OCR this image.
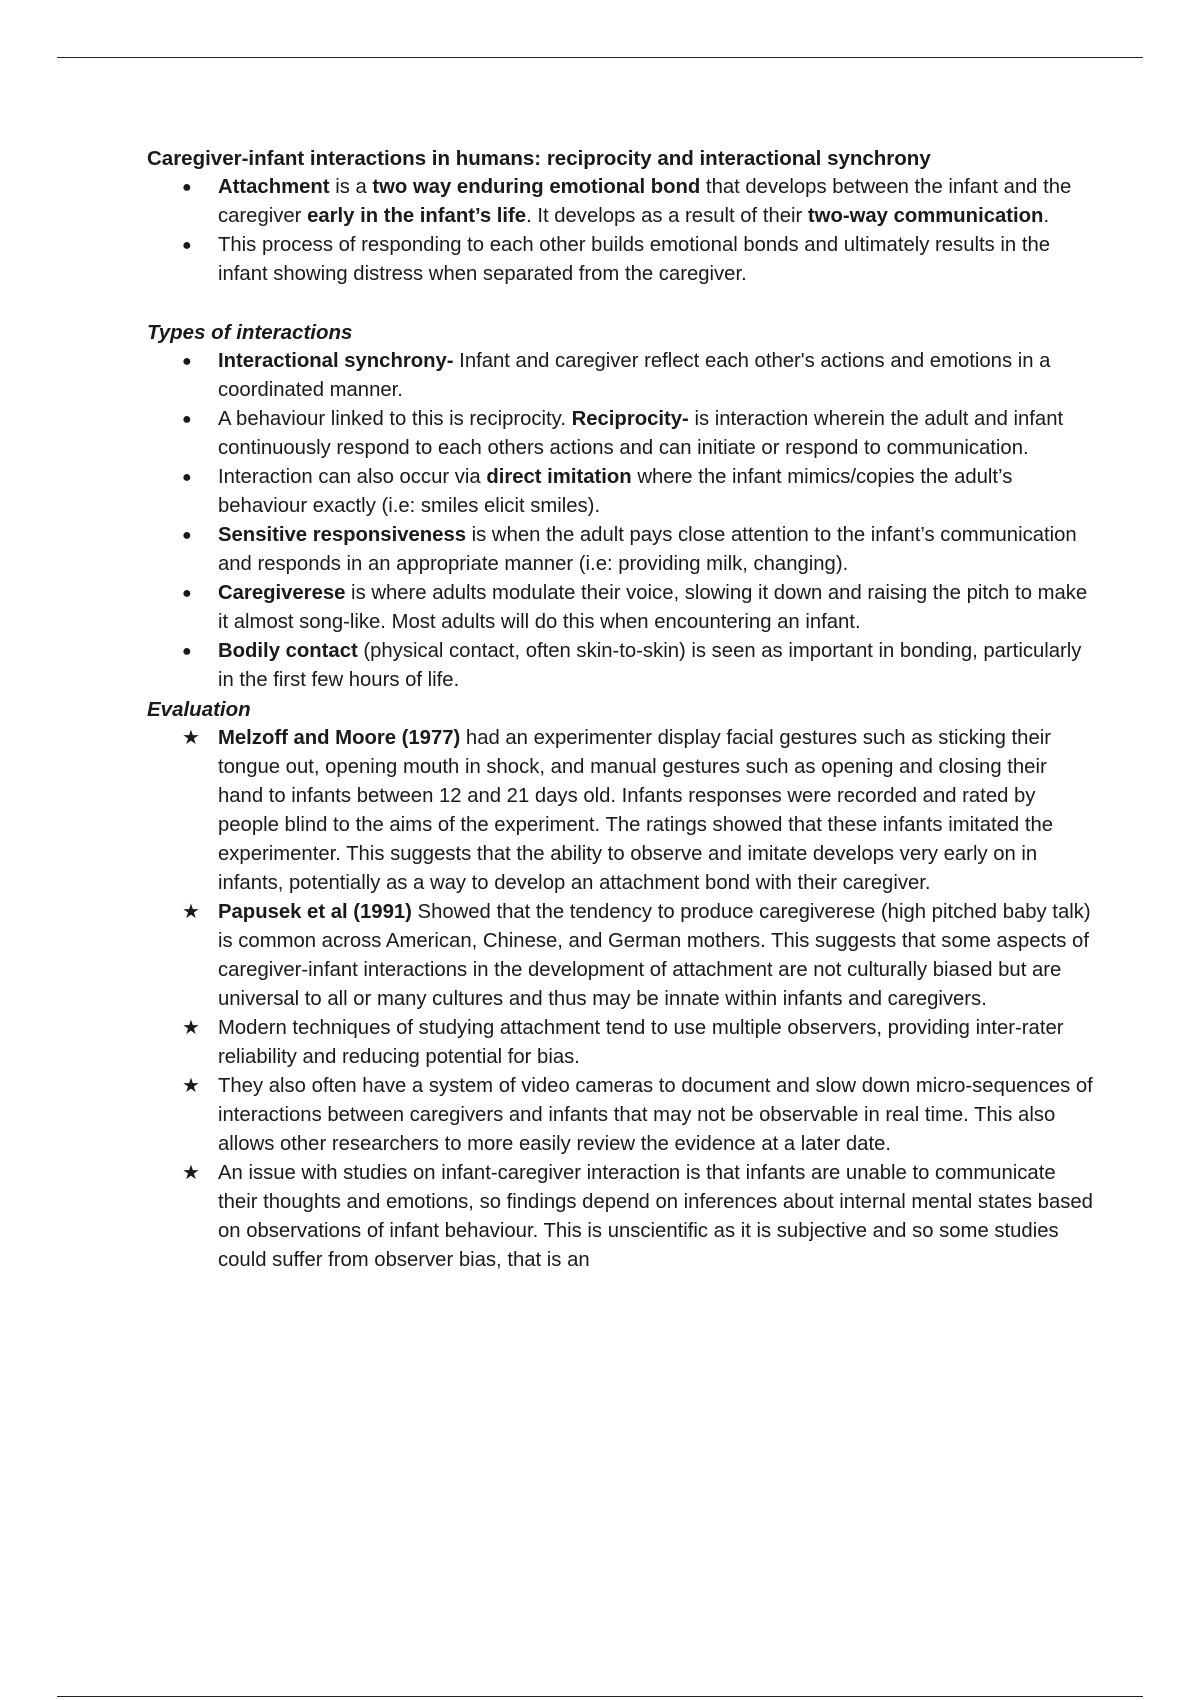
Caregiver-infant interactions in humans: reciprocity and interactional synchrony

●	Attachment is a two way enduring emotional bond that develops between the infant and the caregiver early in the infant’s life. It develops as a result of their two-way communication.
●	This process of responding to each other builds emotional bonds and ultimately results in the infant showing distress when separated from the caregiver.

Types of interactions

●	Interactional synchrony- Infant and caregiver reflect each other's actions and emotions in a coordinated manner.
●	A behaviour linked to this is reciprocity. Reciprocity- is interaction wherein the adult and infant continuously respond to each others actions and can initiate or respond to communication.
●	Interaction can also occur via direct imitation where the infant mimics/copies the adult’s behaviour exactly (i.e: smiles elicit smiles).
●	Sensitive responsiveness is when the adult pays close attention to the infant’s communication and responds in an appropriate manner (i.e: providing milk, changing).
●	Caregiverese is where adults modulate their voice, slowing it down and raising the pitch to make it almost song-like. Most adults will do this when encountering an infant.
●	Bodily contact (physical contact, often skin-to-skin) is seen as important in bonding, particularly in the first few hours of life.

Evaluation

★ Melzoff and Moore (1977) had an experimenter display facial gestures such as sticking their tongue out, opening mouth in shock, and manual gestures such as opening and closing their hand to infants between 12 and 21 days old. Infants responses were recorded and rated by people blind to the aims of the experiment. The ratings showed that these infants imitated the experimenter. This suggests that the ability to observe and imitate develops very early on in infants, potentially as a way to develop an attachment bond with their caregiver.
★ Papusek et al (1991) Showed that the tendency to produce caregiverese (high pitched baby talk) is common across American, Chinese, and German mothers. This suggests that some aspects of caregiver-infant interactions in the development of attachment are not culturally biased but are universal to all or many cultures and thus may be innate within infants and caregivers.
★ Modern techniques of studying attachment tend to use multiple observers, providing inter-rater reliability and reducing potential for bias.
★ They also often have a system of video cameras to document and slow down micro-sequences of interactions between caregivers and infants that may not be observable in real time. This also allows other researchers to more easily review the evidence at a later date.
★ An issue with studies on infant-caregiver interaction is that infants are unable to communicate their thoughts and emotions, so findings depend on inferences about internal mental states based on observations of infant behaviour. This is unscientific as it is subjective and so some studies could suffer from observer bias, that is an
